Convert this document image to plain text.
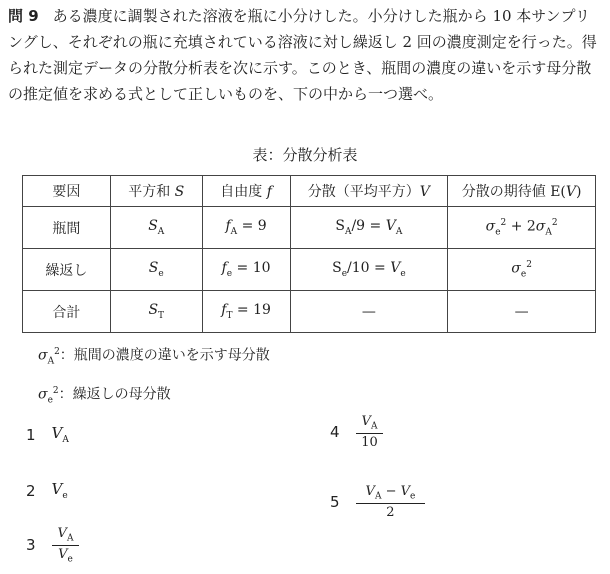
問 9 ある濃度に調製された溶液を瓶に小分けした。小分けした瓶から 10 本サンプリングし、それぞれの瓶に充填されている溶液に対し繰返し 2 回の濃度測定を行った。得られた測定データの分散分析表を次に示す。このとき、瓶間の濃度の違いを示す母分散の推定値を求める式として正しいものを、下の中から一つ選べ。
表：分散分析表
要因	平方和 S	自由度 f	分散（平均平方）V	分散の期待値 E(V)
瓶間	$S_A$	$f_A = 9$	$S_A/9 = V_A$	$\sigma_e^2 + 2\sigma_A^2$
繰返し	$S_e$	$f_e = 10$	$S_e/10 = V_e$	$\sigma_e^2$
合計	$S_T$	$f_T = 19$	—	—
$\sigma_A^2$：瓶間の濃度の違いを示す母分散
$\sigma_e^2$：繰返しの母分散
1 $V_A$
2 $V_e$
$3 \frac{V_A}{V_e}$
$4 \frac{V_A}{10}$
$5 \frac{V_A - V_e}{2}$
